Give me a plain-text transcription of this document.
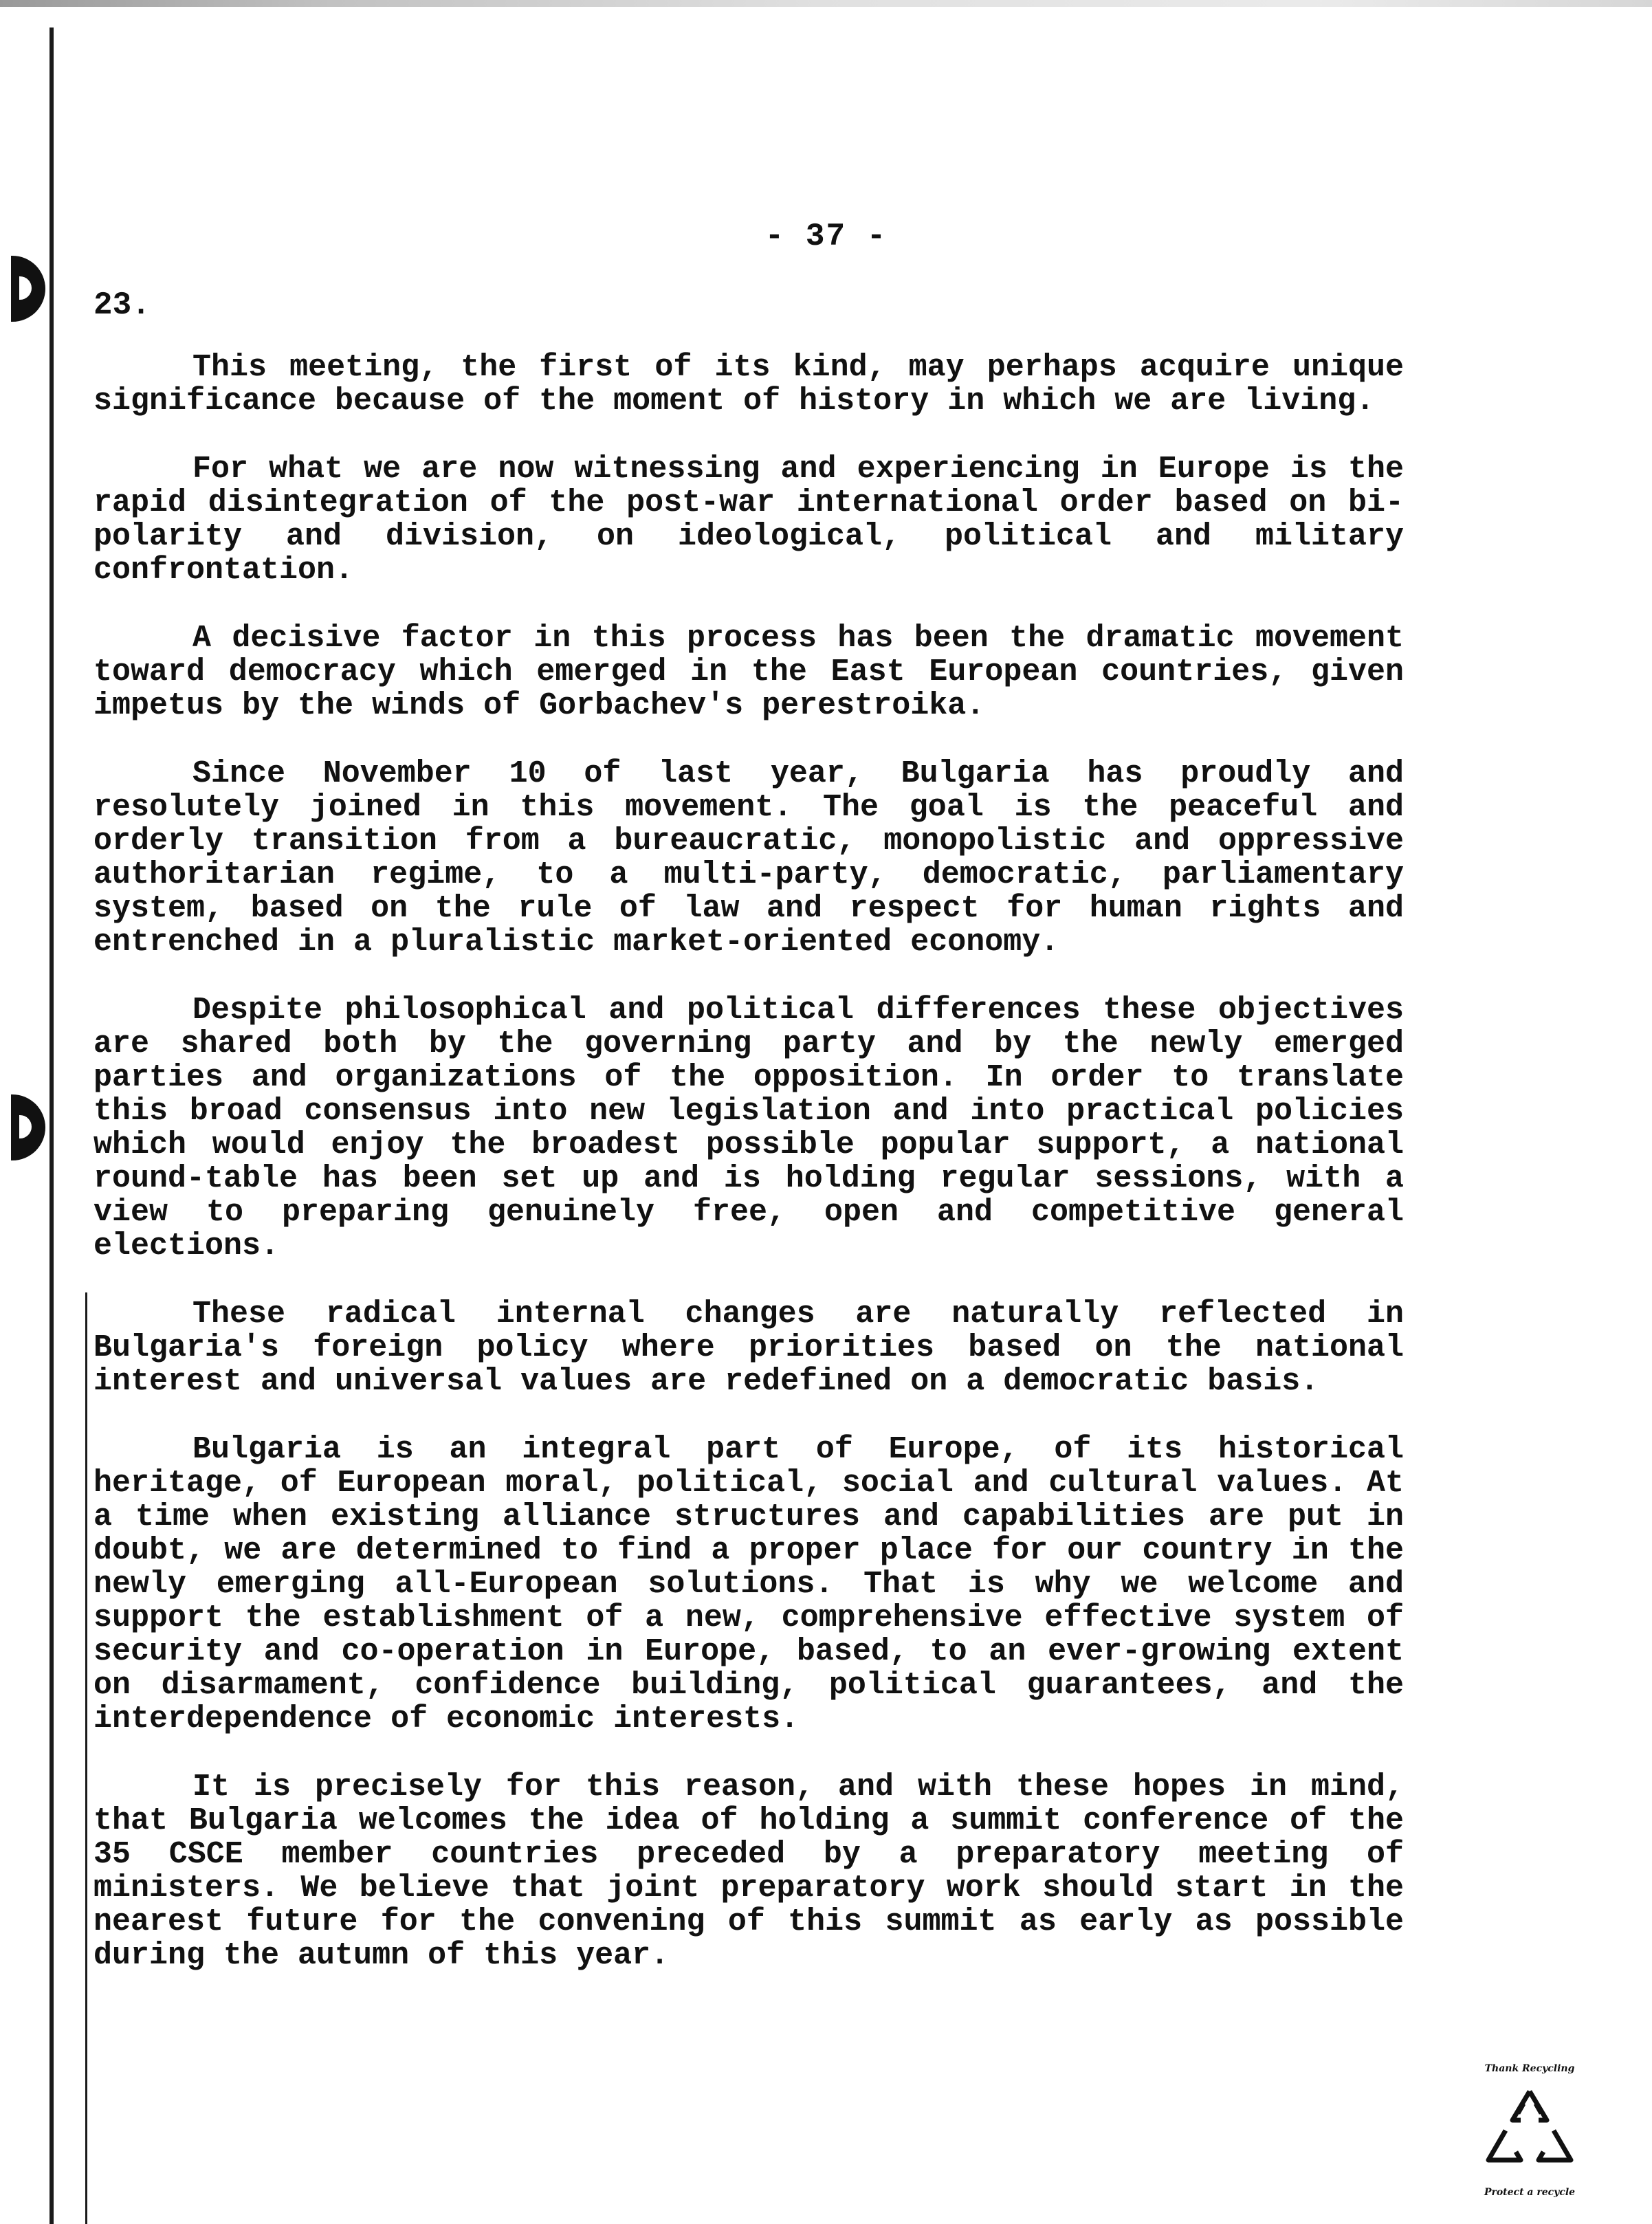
- 37 -
23.

This meeting, the first of its kind, may perhaps acquire unique significance because of the moment of history in which we are living.

For what we are now witnessing and experiencing in Europe is the rapid disintegration of the post-war international order based on bi-polarity and division, on ideological, political and military confrontation.

A decisive factor in this process has been the dramatic movement toward democracy which emerged in the East European countries, given impetus by the winds of Gorbachev's perestroika.

Since November 10 of last year, Bulgaria has proudly and resolutely joined in this movement. The goal is the peaceful and orderly transition from a bureaucratic, monopolistic and oppressive authoritarian regime, to a multi-party, democratic, parliamentary system, based on the rule of law and respect for human rights and entrenched in a pluralistic market-oriented economy.

Despite philosophical and political differences these objectives are shared both by the governing party and by the newly emerged parties and organizations of the opposition. In order to translate this broad consensus into new legislation and into practical policies which would enjoy the broadest possible popular support, a national round-table has been set up and is holding regular sessions, with a view to preparing genuinely free, open and competitive general elections.

These radical internal changes are naturally reflected in Bulgaria's foreign policy where priorities based on the national interest and universal values are redefined on a democratic basis.

Bulgaria is an integral part of Europe, of its historical heritage, of European moral, political, social and cultural values. At a time when existing alliance structures and capabilities are put in doubt, we are determined to find a proper place for our country in the newly emerging all-European solutions. That is why we welcome and support the establishment of a new, comprehensive effective system of security and co-operation in Europe, based, to an ever-growing extent on disarmament, confidence building, political guarantees, and the interdependence of economic interests.

It is precisely for this reason, and with these hopes in mind, that Bulgaria welcomes the idea of holding a summit conference of the 35 CSCE member countries preceded by a preparatory meeting of ministers. We believe that joint preparatory work should start in the nearest future for the convening of this summit as early as possible during the autumn of this year.

Thank Recycling
Protect a recycle
